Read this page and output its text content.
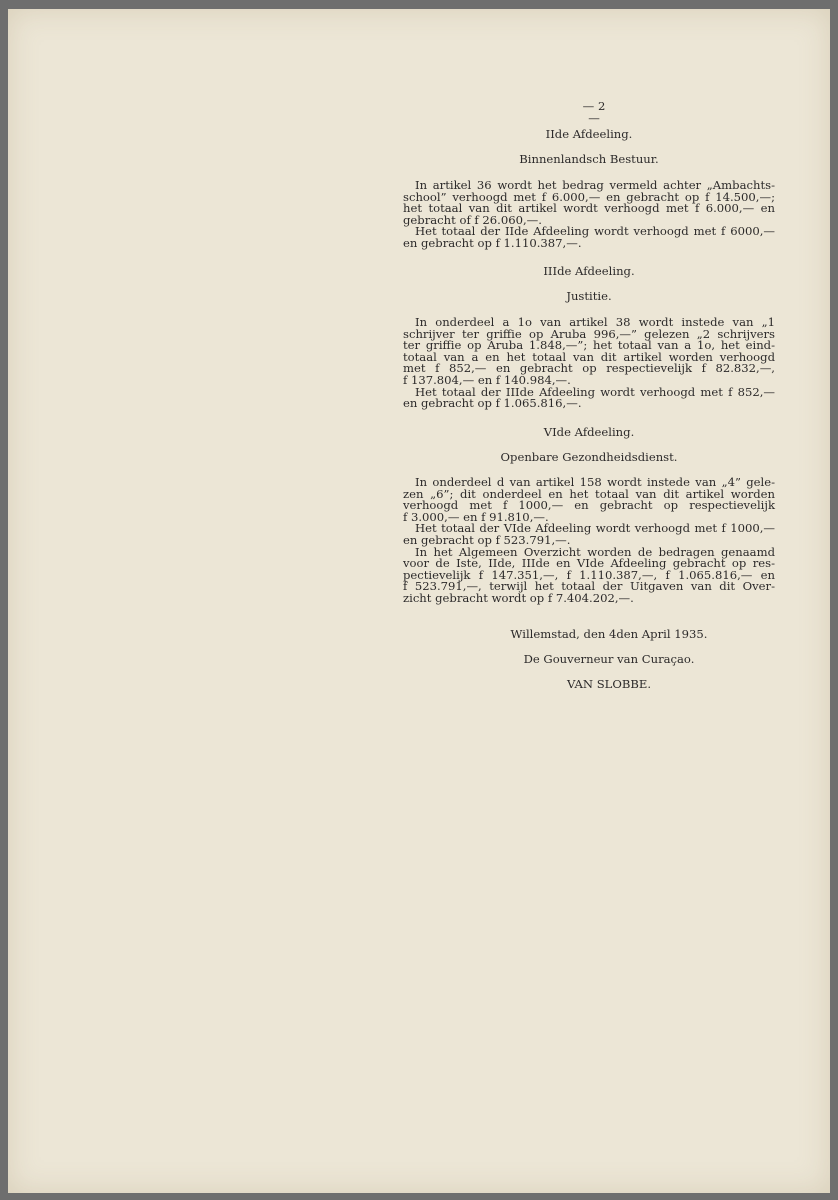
— 2 —
IIde Afdeeling.
Binnenlandsch Bestuur.
In artikel 36 wordt het bedrag vermeld achter „Ambachts-
school” verhoogd met f 6.000,— en gebracht op f 14.500,—;
het totaal van dit artikel wordt verhoogd met f 6.000,— en
gebracht of f 26.060,—.
Het totaal der IIde Afdeeling wordt verhoogd met f 6000,—
en gebracht op f 1.110.387,—.
IIIde Afdeeling.
Justitie.
In onderdeel a 1o van artikel 38 wordt instede van „1
schrijver ter griffie op Aruba 996,—” gelezen „2 schrijvers
ter griffie op Aruba 1.848,—”; het totaal van a 1o, het eind-
totaal van a en het totaal van dit artikel worden verhoogd
met f 852,— en gebracht op respectievelijk f 82.832,—,
f 137.804,— en f 140.984,—.
Het totaal der IIIde Afdeeling wordt verhoogd met f 852,—
en gebracht op f 1.065.816,—.
VIde Afdeeling.
Openbare Gezondheidsdienst.
In onderdeel d van artikel 158 wordt instede van „4” gele-
zen „6”; dit onderdeel en het totaal van dit artikel worden
verhoogd met f 1000,— en gebracht op respectievelijk
f 3.000,— en f 91.810,—.
Het totaal der VIde Afdeeling wordt verhoogd met f 1000,—
en gebracht op f 523.791,—.
In het Algemeen Overzicht worden de bedragen genaamd
voor de Iste, IIde, IIIde en VIde Afdeeling gebracht op res-
pectievelijk f 147.351,—, f 1.110.387,—, f 1.065.816,— en
f 523.791,—, terwijl het totaal der Uitgaven van dit Over-
zicht gebracht wordt op f 7.404.202,—.
Willemstad, den 4den April 1935.
De Gouverneur van Curaçao.
VAN SLOBBE.
